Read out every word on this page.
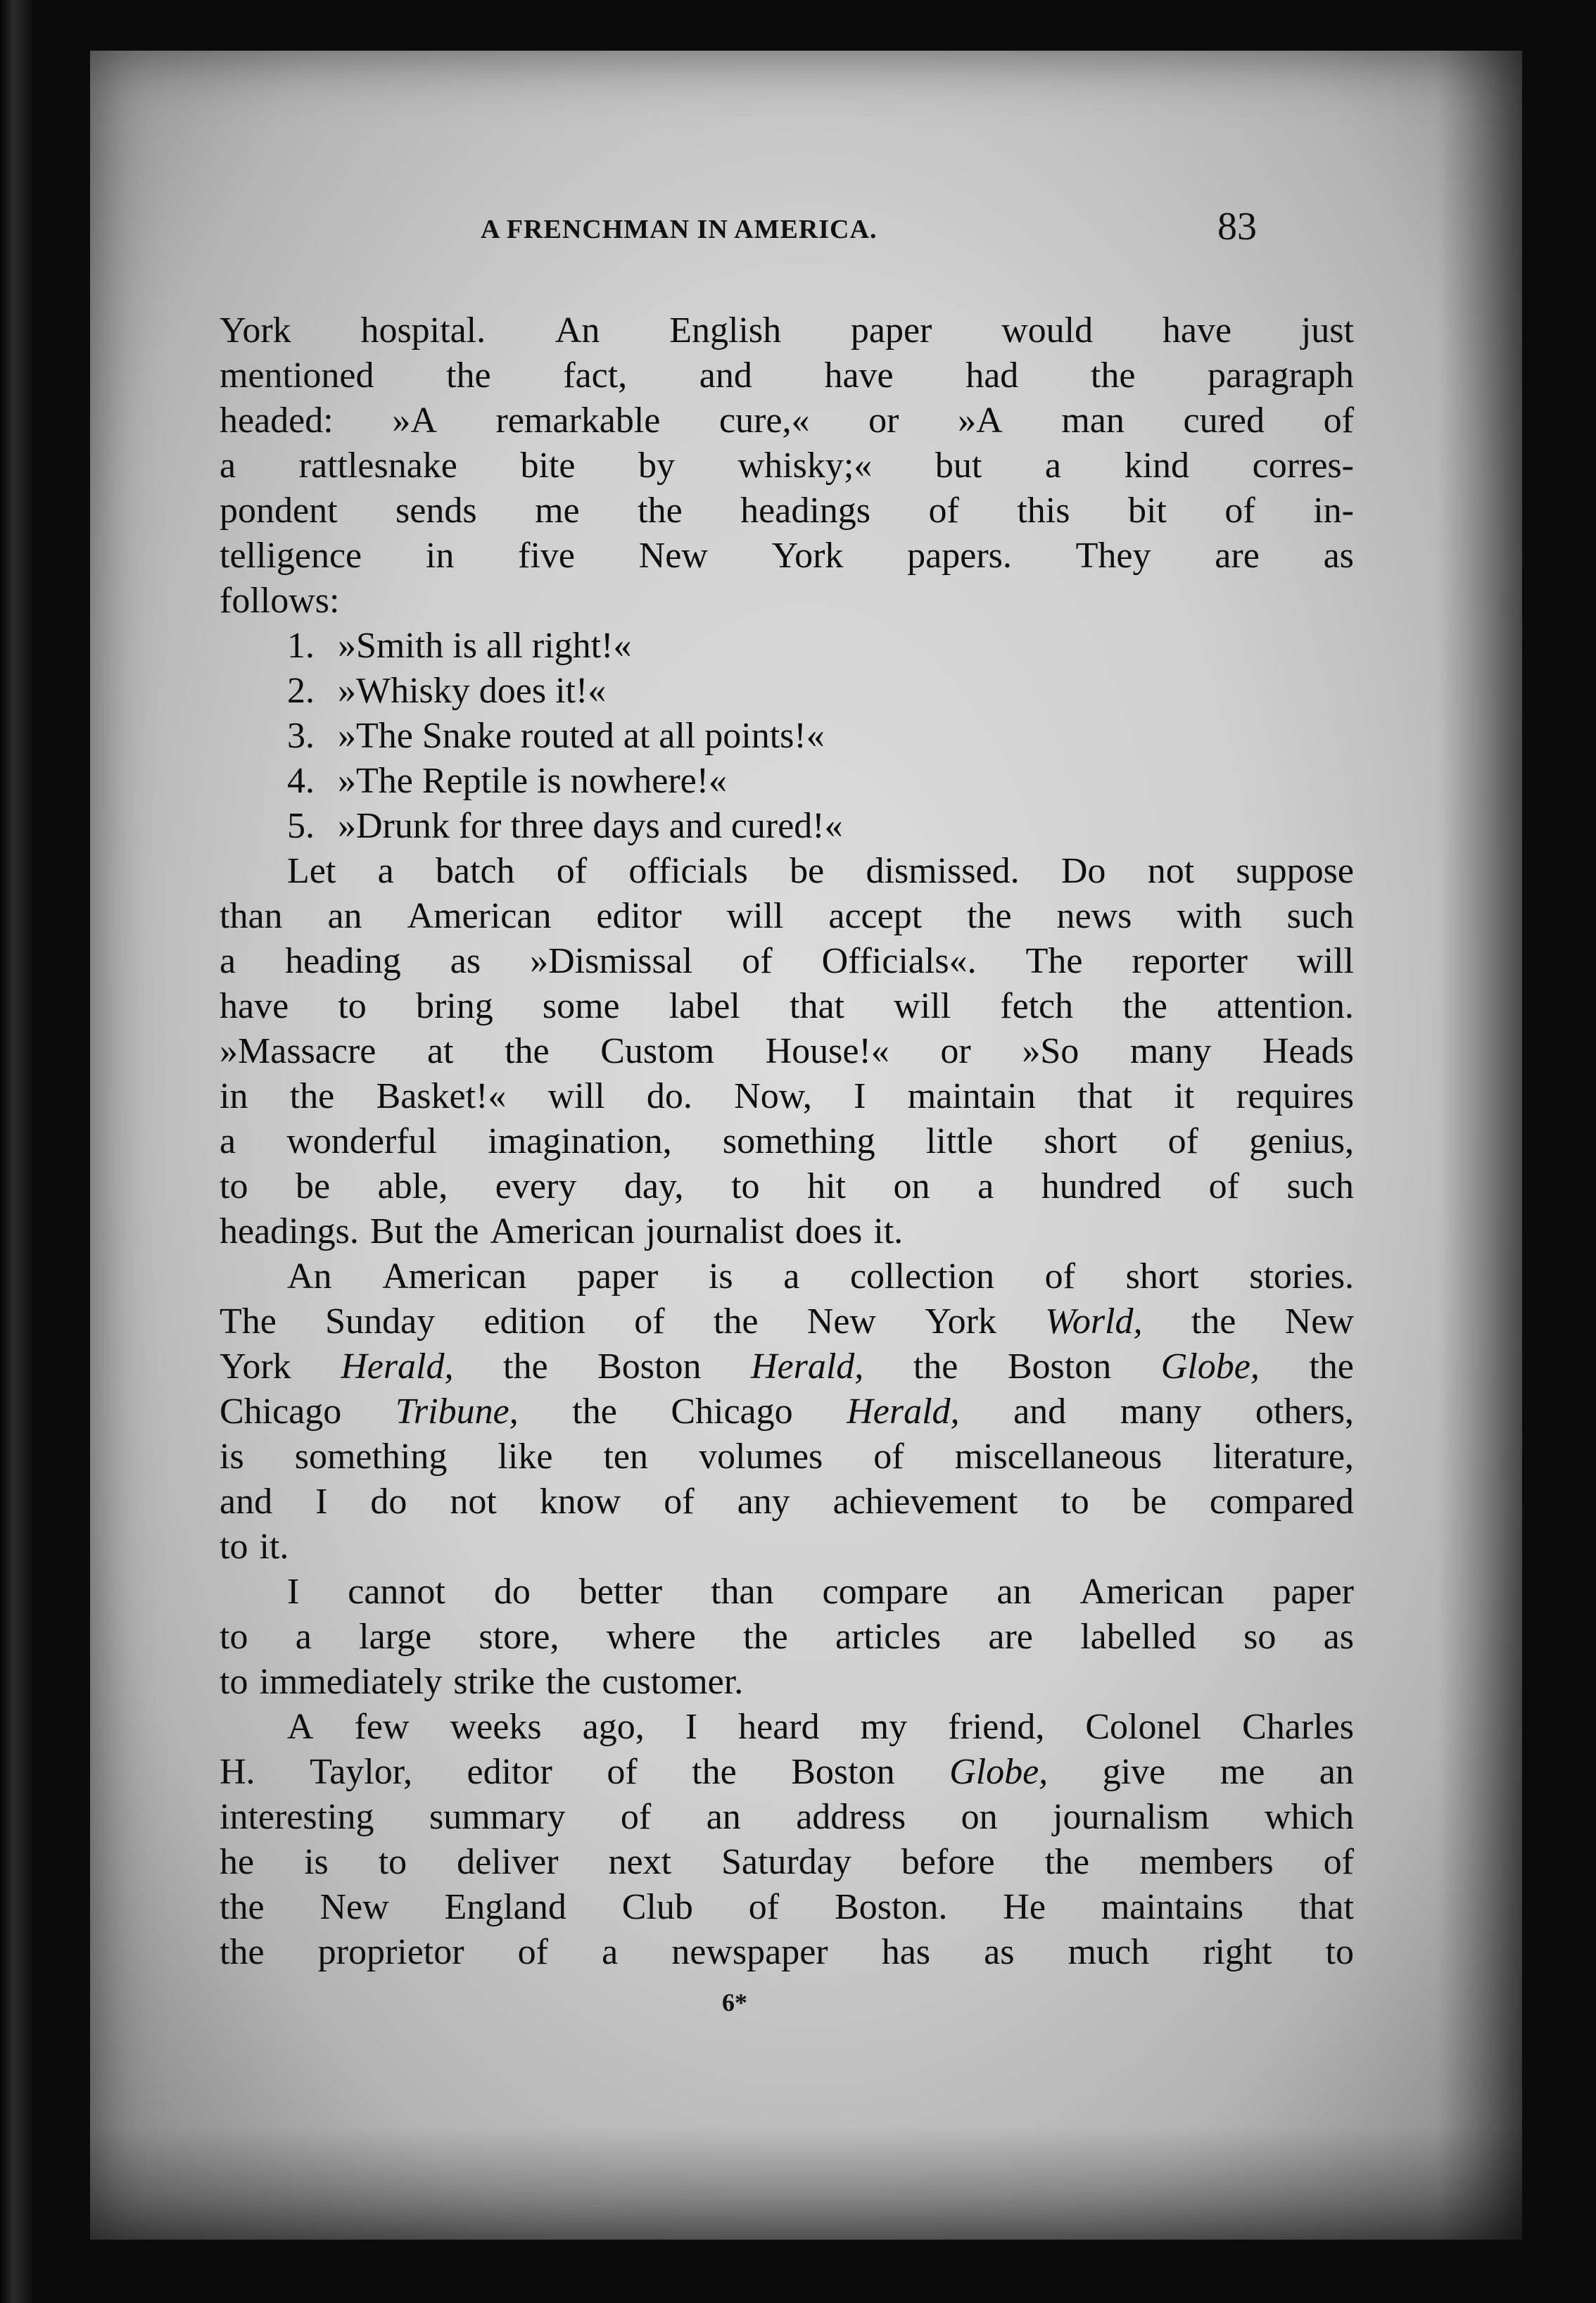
A FRENCHMAN IN AMERICA.	83
York hospital. An English paper would have just
mentioned the fact, and have had the paragraph
headed: »A remarkable cure,« or »A man cured of
a rattlesnake bite by whisky;« but a kind corres-
pondent sends me the headings of this bit of in-
telligence in five New York papers. They are as
follows:
1. »Smith is all right!«
2. »Whisky does it!«
3. »The Snake routed at all points!«
4. »The Reptile is nowhere!«
5. »Drunk for three days and cured!«
Let a batch of officials be dismissed. Do not suppose
than an American editor will accept the news with such
a heading as »Dismissal of Officials«. The reporter will
have to bring some label that will fetch the attention.
»Massacre at the Custom House!« or »So many Heads
in the Basket!« will do. Now, I maintain that it requires
a wonderful imagination, something little short of genius,
to be able, every day, to hit on a hundred of such
headings. But the American journalist does it.
An American paper is a collection of short stories.
The Sunday edition of the New York World, the New
York Herald, the Boston Herald, the Boston Globe, the
Chicago Tribune, the Chicago Herald, and many others,
is something like ten volumes of miscellaneous literature,
and I do not know of any achievement to be compared
to it.
I cannot do better than compare an American paper
to a large store, where the articles are labelled so as
to immediately strike the customer.
A few weeks ago, I heard my friend, Colonel Charles
H. Taylor, editor of the Boston Globe, give me an
interesting summary of an address on journalism which
he is to deliver next Saturday before the members of
the New England Club of Boston. He maintains that
the proprietor of a newspaper has as much right to
6*
